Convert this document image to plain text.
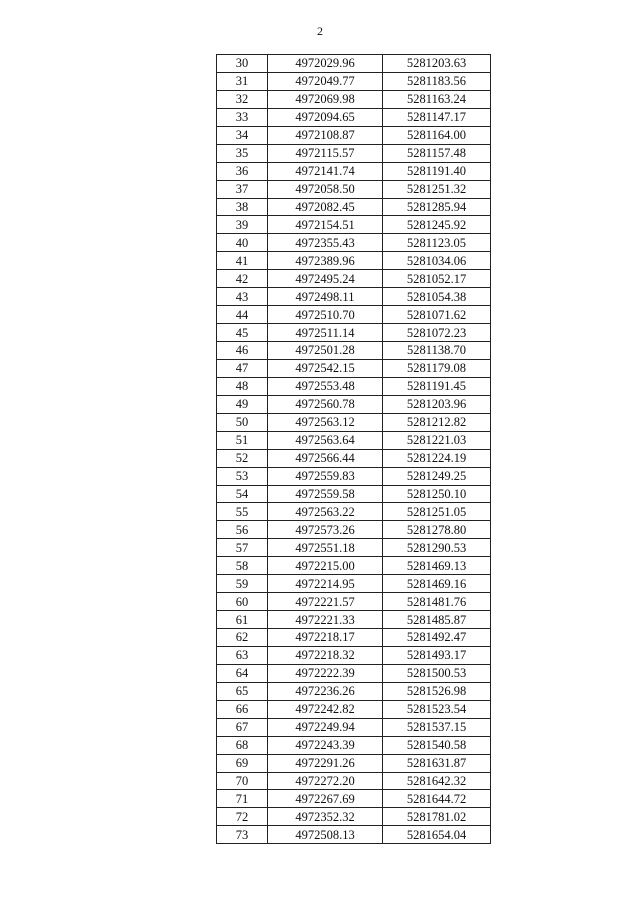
2
30	4972029.96	5281203.63
31	4972049.77	5281183.56
32	4972069.98	5281163.24
33	4972094.65	5281147.17
34	4972108.87	5281164.00
35	4972115.57	5281157.48
36	4972141.74	5281191.40
37	4972058.50	5281251.32
38	4972082.45	5281285.94
39	4972154.51	5281245.92
40	4972355.43	5281123.05
41	4972389.96	5281034.06
42	4972495.24	5281052.17
43	4972498.11	5281054.38
44	4972510.70	5281071.62
45	4972511.14	5281072.23
46	4972501.28	5281138.70
47	4972542.15	5281179.08
48	4972553.48	5281191.45
49	4972560.78	5281203.96
50	4972563.12	5281212.82
51	4972563.64	5281221.03
52	4972566.44	5281224.19
53	4972559.83	5281249.25
54	4972559.58	5281250.10
55	4972563.22	5281251.05
56	4972573.26	5281278.80
57	4972551.18	5281290.53
58	4972215.00	5281469.13
59	4972214.95	5281469.16
60	4972221.57	5281481.76
61	4972221.33	5281485.87
62	4972218.17	5281492.47
63	4972218.32	5281493.17
64	4972222.39	5281500.53
65	4972236.26	5281526.98
66	4972242.82	5281523.54
67	4972249.94	5281537.15
68	4972243.39	5281540.58
69	4972291.26	5281631.87
70	4972272.20	5281642.32
71	4972267.69	5281644.72
72	4972352.32	5281781.02
73	4972508.13	5281654.04
